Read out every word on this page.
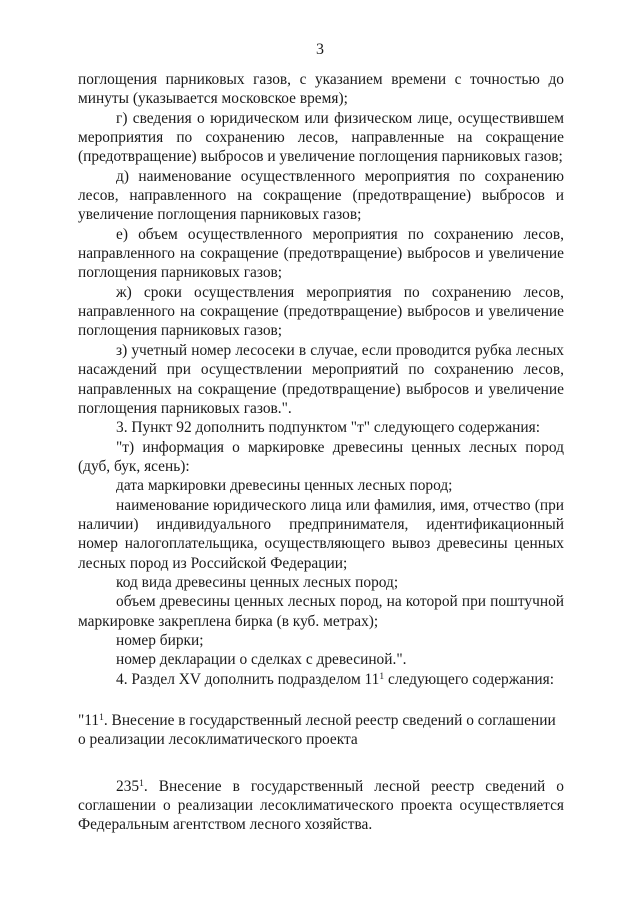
3

поглощения парниковых газов, с указанием времени с точностью до минуты (указывается московское время);

г) сведения о юридическом или физическом лице, осуществившем мероприятия по сохранению лесов, направленные на сокращение (предотвращение) выбросов и увеличение поглощения парниковых газов;

д) наименование осуществленного мероприятия по сохранению лесов, направленного на сокращение (предотвращение) выбросов и увеличение поглощения парниковых газов;

е) объем осуществленного мероприятия по сохранению лесов, направленного на сокращение (предотвращение) выбросов и увеличение поглощения парниковых газов;

ж) сроки осуществления мероприятия по сохранению лесов, направленного на сокращение (предотвращение) выбросов и увеличение поглощения парниковых газов;

з) учетный номер лесосеки в случае, если проводится рубка лесных насаждений при осуществлении мероприятий по сохранению лесов, направленных на сокращение (предотвращение) выбросов и увеличение поглощения парниковых газов.".

3. Пункт 92 дополнить подпунктом "т" следующего содержания:

"т) информация о маркировке древесины ценных лесных пород (дуб, бук, ясень):

дата маркировки древесины ценных лесных пород;

наименование юридического лица или фамилия, имя, отчество (при наличии) индивидуального предпринимателя, идентификационный номер налогоплательщика, осуществляющего вывоз древесины ценных лесных пород из Российской Федерации;

код вида древесины ценных лесных пород;

объем древесины ценных лесных пород, на которой при поштучной маркировке закреплена бирка (в куб. метрах);

номер бирки;

номер декларации о сделках с древесиной.".

4. Раздел XV дополнить подразделом $11^1$ следующего содержания:

"$11^1$. Внесение в государственный лесной реестр сведений о соглашении
о реализации лесоклиматического проекта

$235^1$. Внесение в государственный лесной реестр сведений о соглашении о реализации лесоклиматического проекта осуществляется Федеральным агентством лесного хозяйства.
